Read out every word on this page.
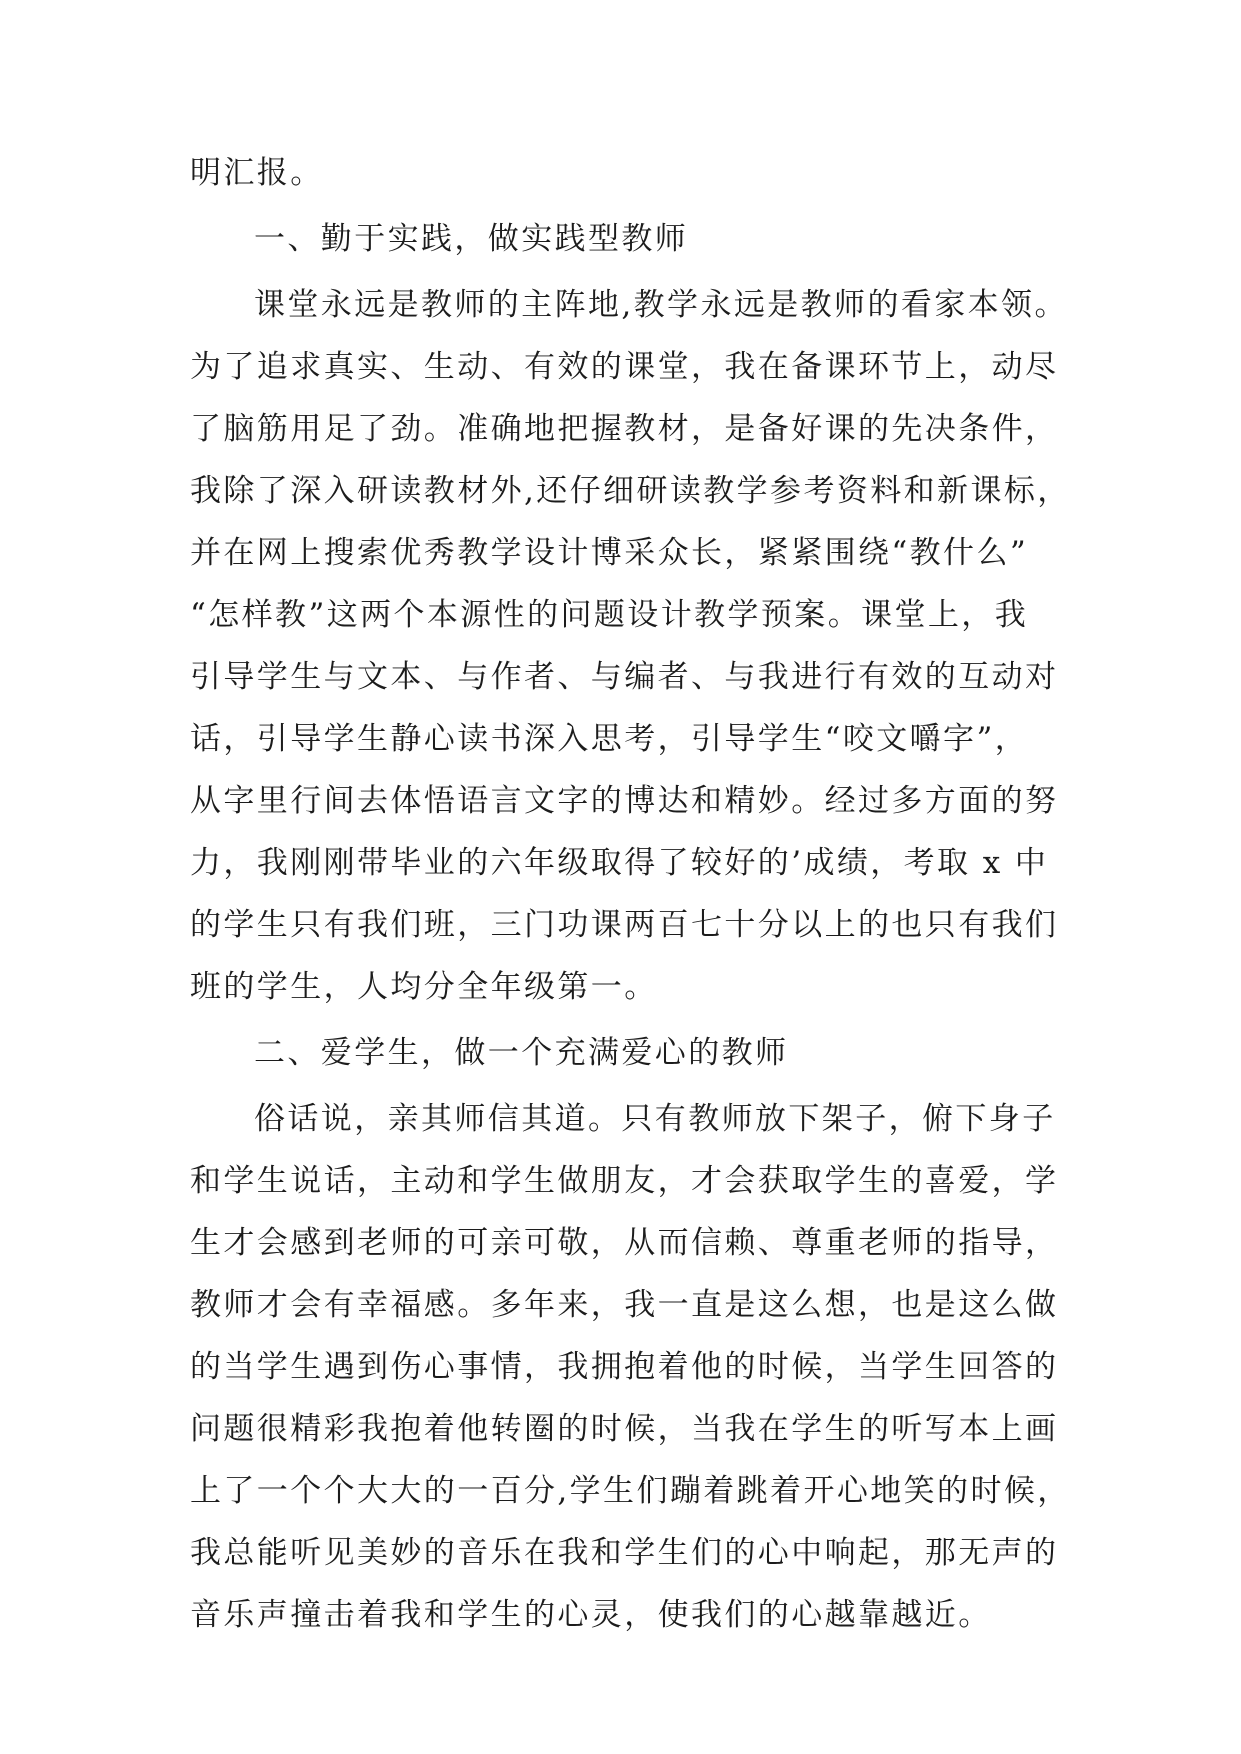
明汇报。
一、勤于实践，做实践型教师
课堂永远是教师的主阵地,教学永远是教师的看家本领。
为了追求真实、生动、有效的课堂，我在备课环节上，动尽
了脑筋用足了劲。准确地把握教材，是备好课的先决条件，
我除了深入研读教材外,还仔细研读教学参考资料和新课标，
并在网上搜索优秀教学设计博采众长，紧紧围绕“教什么”
“怎样教”这两个本源性的问题设计教学预案。课堂上，我
引导学生与文本、与作者、与编者、与我进行有效的互动对
话，引导学生静心读书深入思考，引导学生“咬文嚼字”，
从字里行间去体悟语言文字的博达和精妙。经过多方面的努
力，我刚刚带毕业的六年级取得了较好的’成绩，考取 x 中
的学生只有我们班，三门功课两百七十分以上的也只有我们
班的学生，人均分全年级第一。
二、爱学生，做一个充满爱心的教师
俗话说，亲其师信其道。只有教师放下架子，俯下身子
和学生说话，主动和学生做朋友，才会获取学生的喜爱，学
生才会感到老师的可亲可敬，从而信赖、尊重老师的指导，
教师才会有幸福感。多年来，我一直是这么想，也是这么做
的当学生遇到伤心事情，我拥抱着他的时候，当学生回答的
问题很精彩我抱着他转圈的时候，当我在学生的听写本上画
上了一个个大大的一百分,学生们蹦着跳着开心地笑的时候，
我总能听见美妙的音乐在我和学生们的心中响起，那无声的
音乐声撞击着我和学生的心灵，使我们的心越靠越近。
